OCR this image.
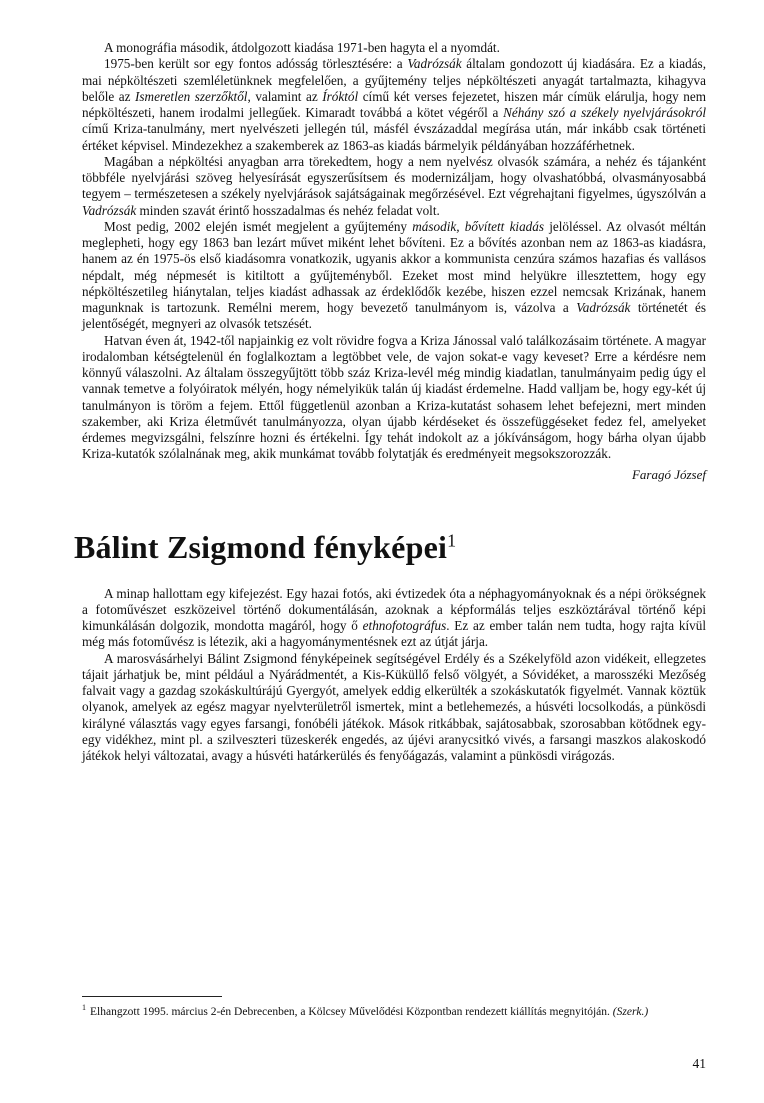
A monográfia második, átdolgozott kiadása 1971-ben hagyta el a nyomdát.

1975-ben került sor egy fontos adósság törlesztésére: a Vadrózsák általam gondozott új kiadására. Ez a kiadás, mai népköltészeti szemléletünknek megfelelően, a gyűjtemény teljes népköltészeti anyagát tartalmazta, kihagyva belőle az Ismeretlen szerzőktől, valamint az Íróktól című két verses fejezetet, hiszen már címük elárulja, hogy nem népköltészeti, hanem irodalmi jellegűek. Kimaradt továbbá a kötet végéről a Néhány szó a székely nyelvjárásokról című Kriza-tanulmány, mert nyelvészeti jellegén túl, másfél évszázaddal megírása után, már inkább csak történeti értéket képvisel. Mindezekhez a szakemberek az 1863-as kiadás bármelyik példányában hozzáférhetnek.

Magában a népköltési anyagban arra törekedtem, hogy a nem nyelvész olvasók számára, a nehéz és tájanként többféle nyelvjárási szöveg helyesírását egyszerűsítsem és modernizáljam, hogy olvashatóbbá, olvasmányosabbá tegyem – természetesen a székely nyelvjárások sajátságainak megőrzésével. Ezt végrehajtani figyelmes, úgyszólván a Vadrózsák minden szavát érintő hosszadalmas és nehéz feladat volt.

Most pedig, 2002 elején ismét megjelent a gyűjtemény második, bővített kiadás jelöléssel. Az olvasót méltán meglepheti, hogy egy 1863 ban lezárt művet miként lehet bővíteni. Ez a bővítés azonban nem az 1863-as kiadásra, hanem az én 1975-ös első kiadásomra vonatkozik, ugyanis akkor a kommunista cenzúra számos hazafias és vallásos népdalt, még népmesét is kitiltott a gyűjteményből. Ezeket most mind helyükre illesztettem, hogy egy népköltészetileg hiánytalan, teljes kiadást adhassak az érdeklődők kezébe, hiszen ezzel nemcsak Krizának, hanem magunknak is tartozunk. Remélni merem, hogy bevezető tanulmányom is, vázolva a Vadrózsák történetét és jelentőségét, megnyeri az olvasók tetszését.

Hatvan éven át, 1942-től napjainkig ez volt rövidre fogva a Kriza Jánossal való találkozásaim története. A magyar irodalomban kétségtelenül én foglalkoztam a legtöbbet vele, de vajon sokat-e vagy keveset? Erre a kérdésre nem könnyű válaszolni. Az általam összegyűjtött több száz Kriza-levél még mindig kiadatlan, tanulmányaim pedig úgy el vannak temetve a folyóiratok mélyén, hogy némelyikük talán új kiadást érdemelne. Hadd valljam be, hogy egy-két új tanulmányon is töröm a fejem. Ettől függetlenül azonban a Kriza-kutatást sohasem lehet befejezni, mert minden szakember, aki Kriza életművét tanulmányozza, olyan újabb kérdéseket és összefüggéseket fedez fel, amelyeket érdemes megvizsgálni, felszínre hozni és értékelni. Így tehát indokolt az a jókívánságom, hogy bárha olyan újabb Kriza-kutatók szólalnának meg, akik munkámat tovább folytatják és eredményeit megsokszorozzák.

Faragó József

Bálint Zsigmond fényképei$^1$

A minap hallottam egy kifejezést. Egy hazai fotós, aki évtizedek óta a néphagyományoknak és a népi örökségnek a fotoművészet eszközeivel történő dokumentálásán, azoknak a képformálás teljes eszköztárával történő képi kimunkálásán dolgozik, mondotta magáról, hogy ő ethnofotográfus. Ez az ember talán nem tudta, hogy rajta kívül még más fotoművész is létezik, aki a hagyománymentésnek ezt az útját járja.

A marosvásárhelyi Bálint Zsigmond fényképeinek segítségével Erdély és a Székelyföld azon vidékeit, ellegzetes tájait járhatjuk be, mint például a Nyárádmentét, a Kis-Küküllő felső völgyét, a Sóvidéket, a marosszéki Mezőség falvait vagy a gazdag szokáskultúrájú Gyergyót, amelyek eddig elkerülték a szokáskutatók figyelmét. Vannak köztük olyanok, amelyek az egész magyar nyelvterületről ismertek, mint a betlehemezés, a húsvéti locsolkodás, a pünkösdi királyné választás vagy egyes farsangi, fonóbéli játékok. Mások ritkábbak, sajátosabbak, szorosabban kötődnek egy-egy vidékhez, mint pl. a szilveszteri tüzeskerék engedés, az újévi aranycsitkó vivés, a farsangi maszkos alakoskodó játékok helyi változatai, avagy a húsvéti határkerülés és fenyőágazás, valamint a pünkösdi virágozás.

$^1$ Elhangzott 1995. március 2-én Debrecenben, a Kölcsey Művelődési Központban rendezett kiállítás megnyitóján. (Szerk.)

41
